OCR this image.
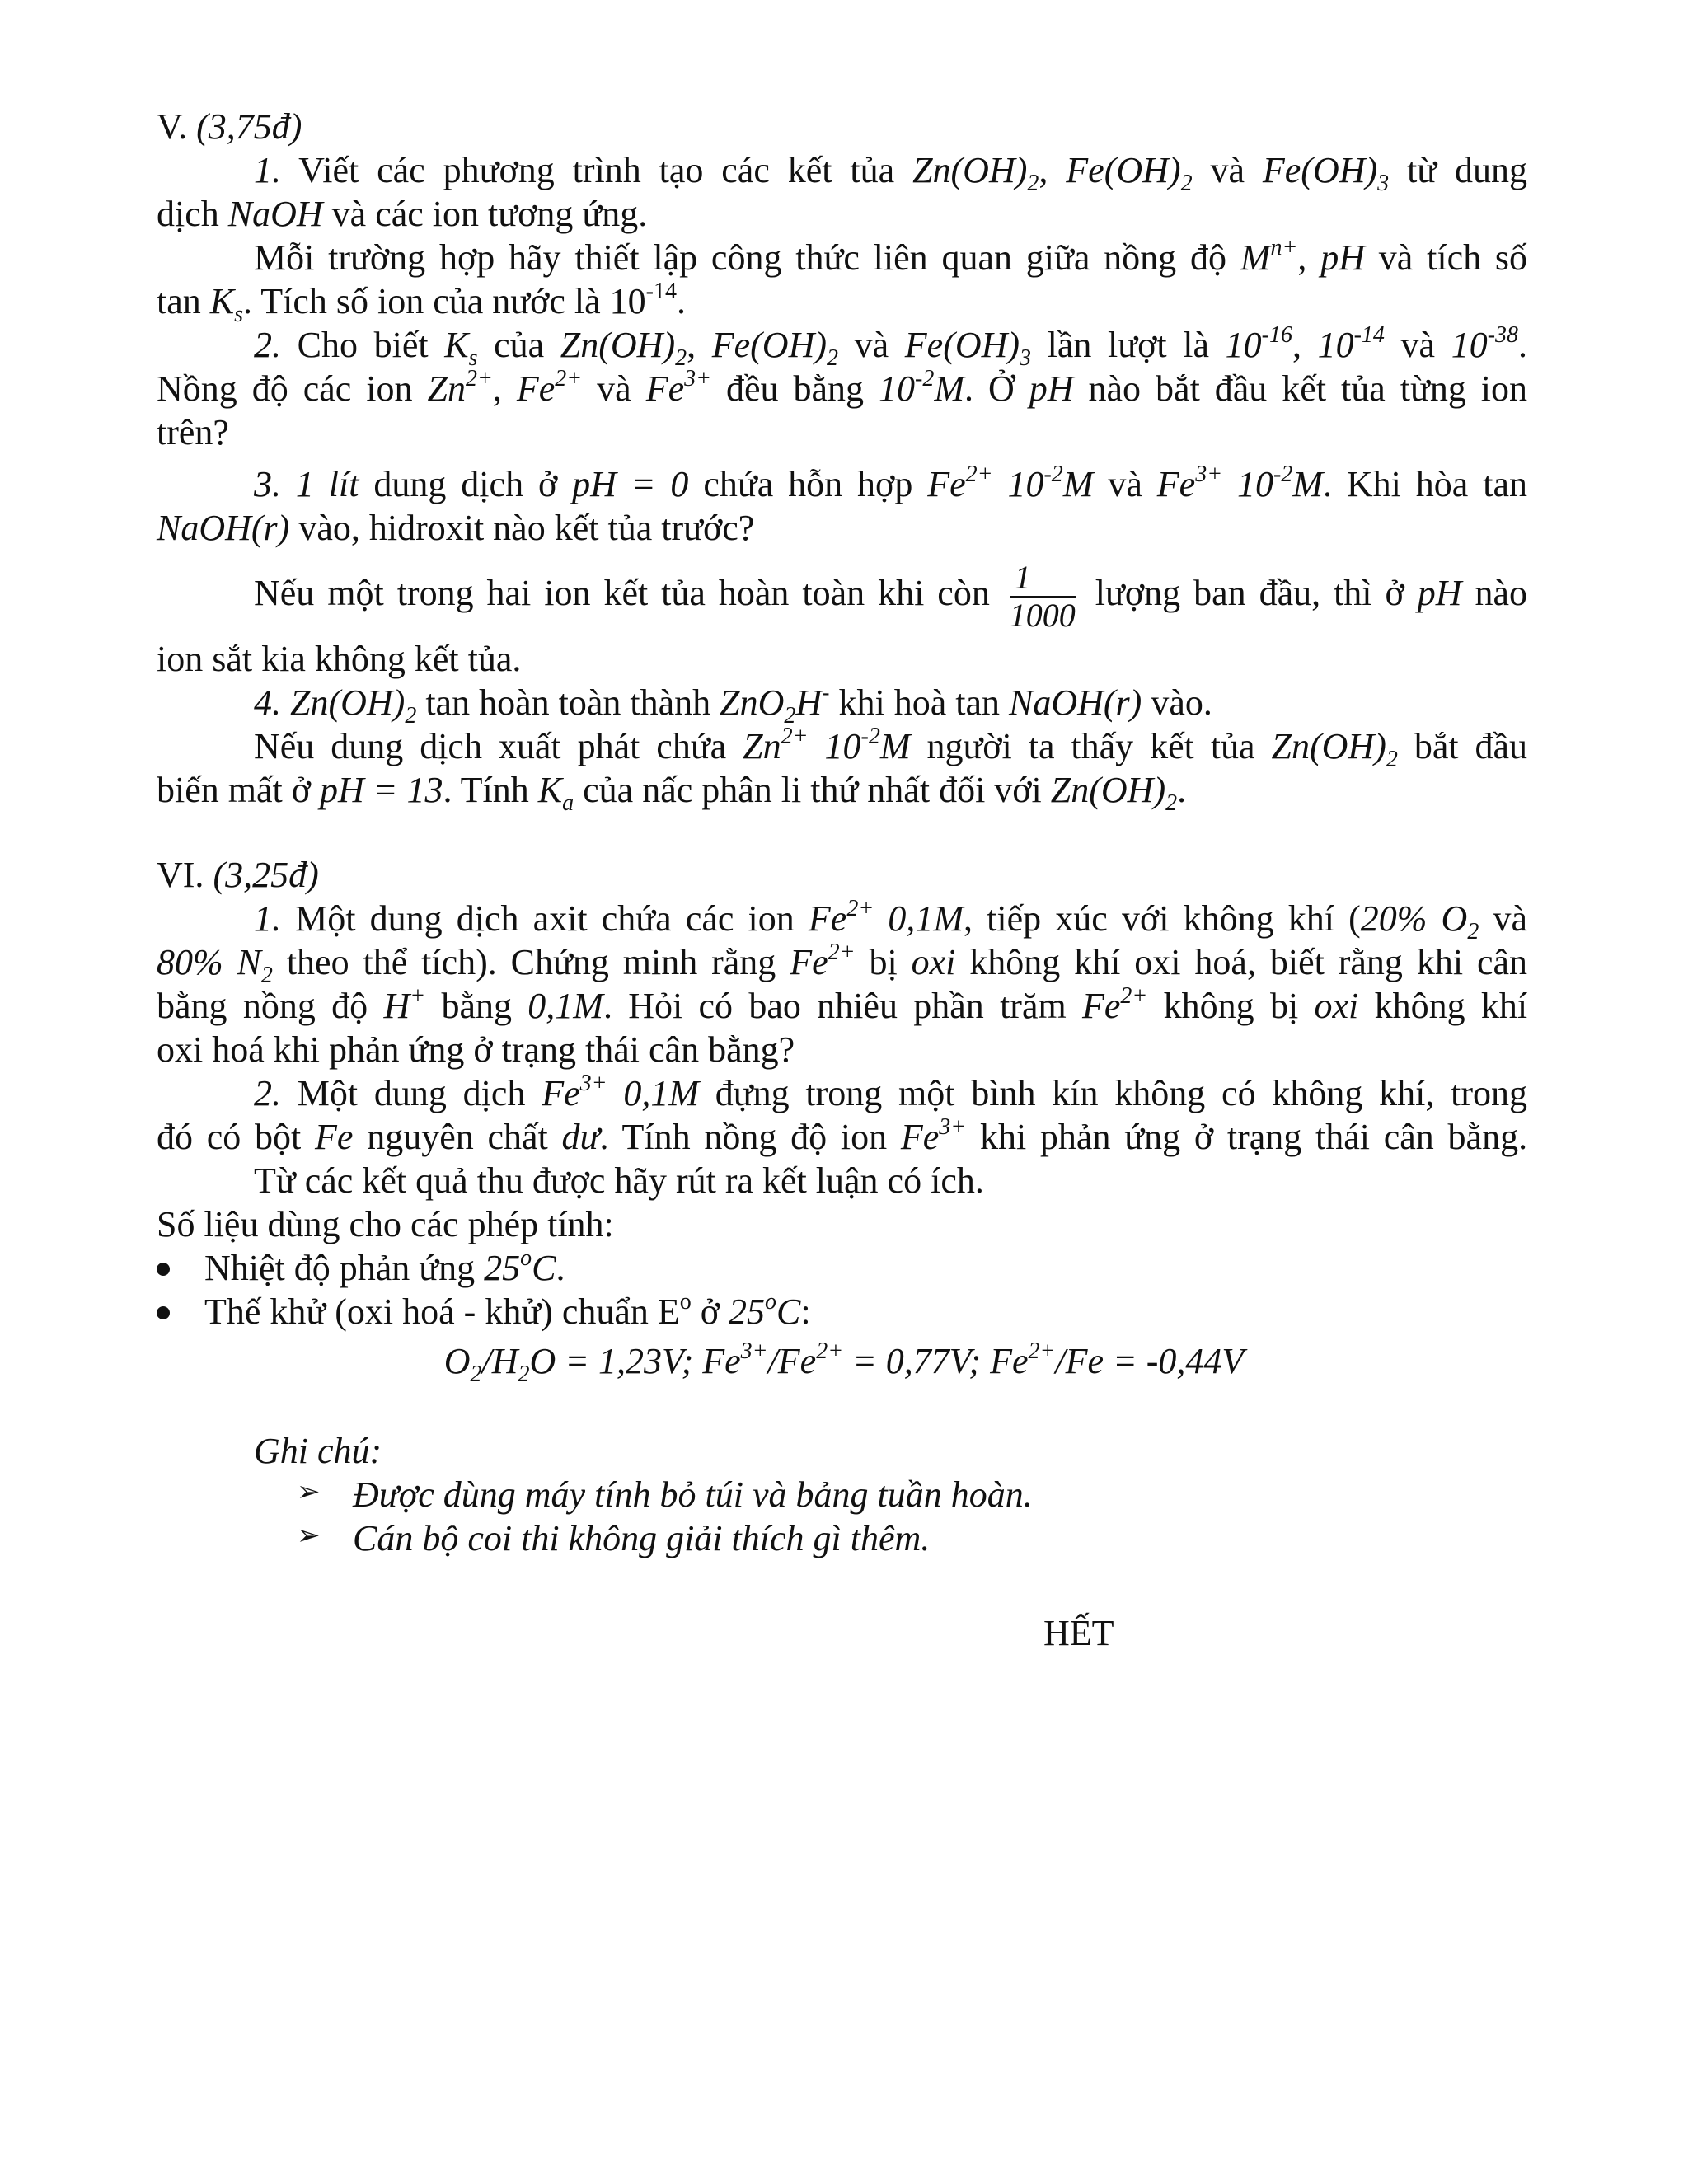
V. (3,75đ)

1. Viết các phương trình tạo các kết tủa $Zn(OH)_2$, $Fe(OH)_2$ và $Fe(OH)_3$ từ dung

dịch NaOH và các ion tương ứng.

Mỗi trường hợp hãy thiết lập công thức liên quan giữa nồng độ $M^{n+}$, pH và tích số

$\tan K_s$. Tích số ion của nước là $10^{-14}$.

2. Cho biết $K_s$ của $Zn(OH)_2$, $Fe(OH)_2$ và $Fe(OH)_3$ lần lượt là $10^{-16}$, $10^{-14}$ và $10^{-38}$.

Nồng độ các ion $Zn^{2+}$, $Fe^{2+}$ và $Fe^{3+}$ đều bằng $10^{-2}M$. Ở pH nào bắt đầu kết tủa từng ion

trên?

3. 1 lít dung dịch ở pH = 0 chứa hỗn hợp $Fe^{2+}$ $10^{-2}M$ và $Fe^{3+}$ $10^{-2}M$. Khi hòa tan

NaOH(r) vào, hidroxit nào kết tủa trước?

Nếu một trong hai ion kết tủa hoàn toàn khi còn $\frac{1}{1000}$ lượng ban đầu, thì ở pH nào

ion sắt kia không kết tủa.

4. $Zn(OH)_2$ tan hoàn toàn thành ZnO$_2$H- khi hoà tan NaOH(r) vào.

Nếu dung dịch xuất phát chứa $Zn^{2+}$ $10^{-2}M$ người ta thấy kết tủa $Zn(OH)_2$ bắt đầu

biến mất ở pH = 13. Tính $K_a$ của nấc phân li thứ nhất đối với $Zn(OH)_2$.

VI. (3,25đ)

1. Một dung dịch axit chứa các ion $Fe^{2+}$ 0,1M, tiếp xúc với không khí (20% $O_2$ và

80% $N_2$ theo thể tích). Chứng minh rằng $Fe^{2+}$ bị oxi không khí oxi hoá, biết rằng khi cân

bằng nồng độ H+ bằng 0,1M. Hỏi có bao nhiêu phần trăm $Fe^{2+}$ không bị oxi không khí

oxi hoá khi phản ứng ở trạng thái cân bằng?

2. Một dung dịch $Fe^{3+}$ 0,1M đựng trong một bình kín không có không khí, trong

đó có bột Fe nguyên chất dư. Tính nồng độ ion $Fe^{3+}$ khi phản ứng ở trạng thái cân bằng.

Từ các kết quả thu được hãy rút ra kết luận có ích.

Số liệu dùng cho các phép tính:

Nhiệt độ phản ứng 25$^o$C.

Thế khử (oxi hoá - khử) chuẩn $E^o$ ở 25$^o$C:

$O_2/H_2O = 1,23V$; $Fe^{3+}/Fe^{2+} = 0,77V$; $Fe^{2+}/Fe = -0,44V$

Ghi chú:

➢

Được dùng máy tính bỏ túi và bảng tuần hoàn.

➢

Cán bộ coi thi không giải thích gì thêm.

HẾT
